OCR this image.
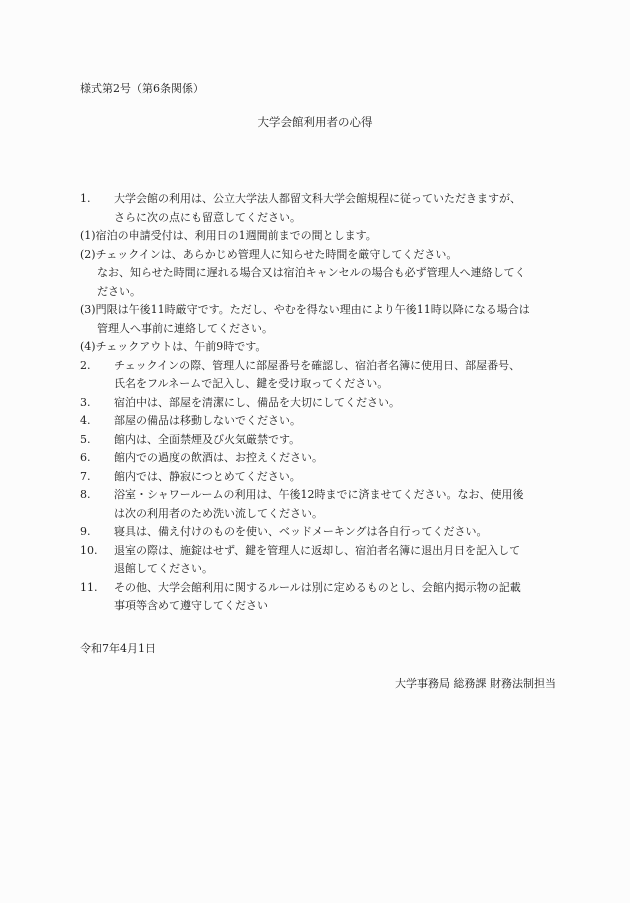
様式第2号（第6条関係）
大学会館利用者の心得
1. 大学会館の利用は、公立大学法人都留文科大学会館規程に従っていただきますが、
さらに次の点にも留意してください。
(1)宿泊の申請受付は、利用日の1週間前までの間とします。
(2)チェックインは、あらかじめ管理人に知らせた時間を厳守してください。
なお、知らせた時間に遅れる場合又は宿泊キャンセルの場合も必ず管理人へ連絡してく
ださい。
(3)門限は午後11時厳守です。ただし、やむを得ない理由により午後11時以降になる場合は
管理人へ事前に連絡してください。
(4)チェックアウトは、午前9時です。
2. チェックインの際、管理人に部屋番号を確認し、宿泊者名簿に使用日、部屋番号、
氏名をフルネームで記入し、鍵を受け取ってください。
3. 宿泊中は、部屋を清潔にし、備品を大切にしてください。
4. 部屋の備品は移動しないでください。
5. 館内は、全面禁煙及び火気厳禁です。
6. 館内での過度の飲酒は、お控えください。
7. 館内では、静寂につとめてください。
8. 浴室・シャワールームの利用は、午後12時までに済ませてください。なお、使用後
は次の利用者のため洗い流してください。
9. 寝具は、備え付けのものを使い、ベッドメーキングは各自行ってください。
10. 退室の際は、施錠はせず、鍵を管理人に返却し、宿泊者名簿に退出月日を記入して
退館してください。
11. その他、大学会館利用に関するルールは別に定めるものとし、会館内掲示物の記載
事項等含めて遵守してください
令和7年4月1日
大学事務局 総務課 財務法制担当
